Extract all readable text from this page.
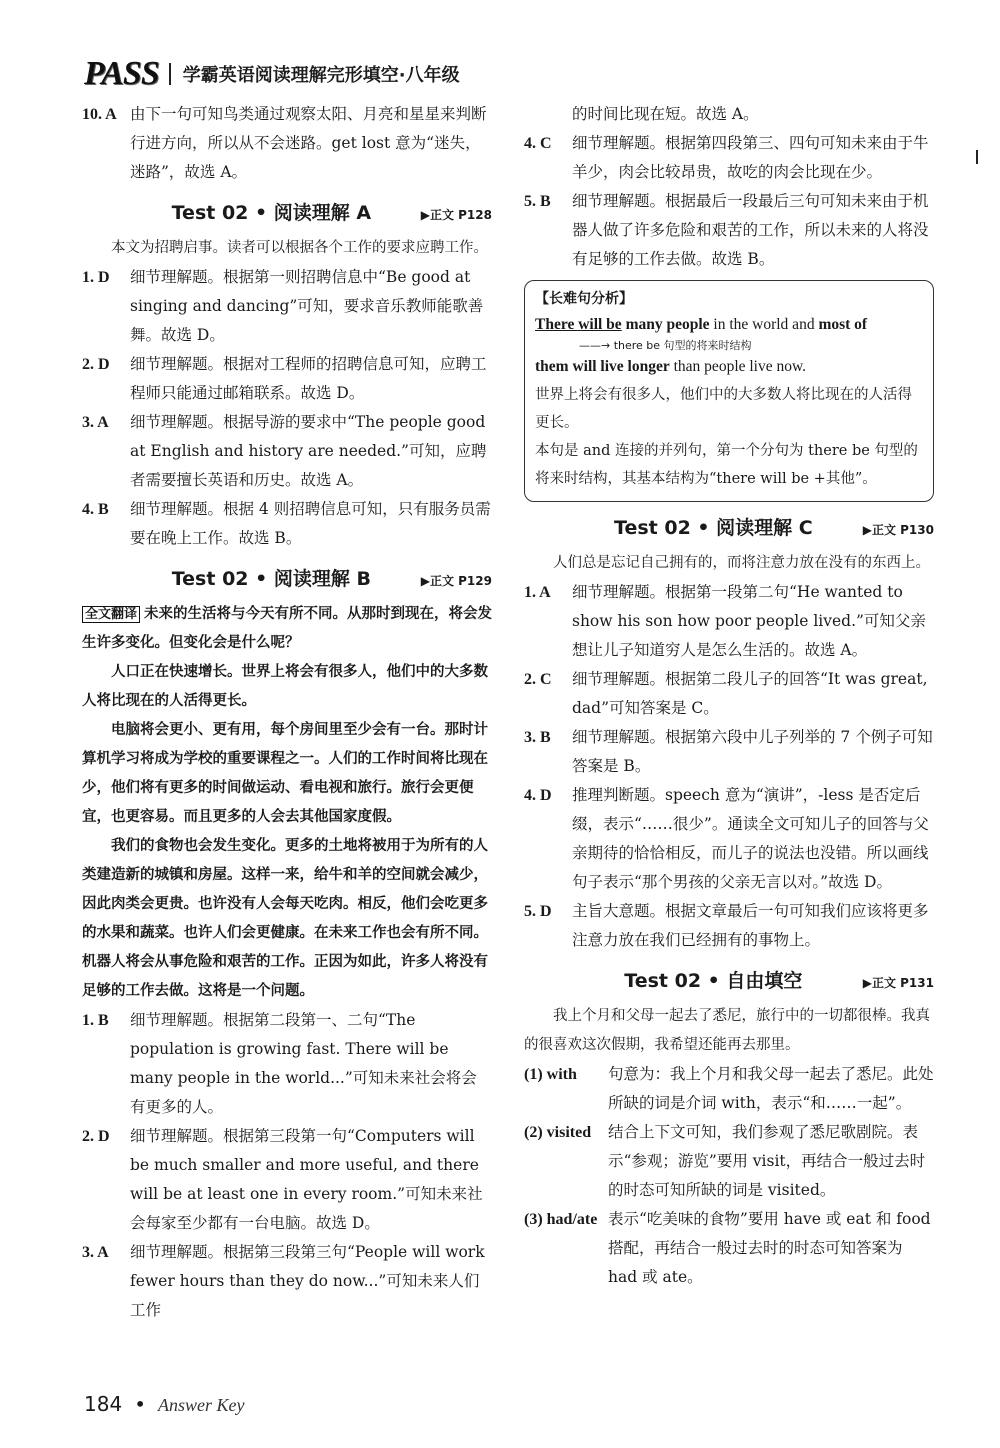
PASS 学霸英语阅读理解完形填空·八年级
10. A 由下一句可知鸟类通过观察太阳、月亮和星星来判断行进方向，所以从不会迷路。get lost 意为“迷失，迷路”，故选 A。
Test 02 • 阅读理解 A	▶正文 P128
本文为招聘启事。读者可以根据各个工作的要求应聘工作。
1. D	细节理解题。根据第一则招聘信息中“Be good at singing and dancing”可知，要求音乐教师能歌善舞。故选 D。
2. D	细节理解题。根据对工程师的招聘信息可知，应聘工程师只能通过邮箱联系。故选 D。
3. A	细节理解题。根据导游的要求中“The people good at English and history are needed.”可知，应聘者需要擅长英语和历史。故选 A。
4. B	细节理解题。根据 4 则招聘信息可知，只有服务员需要在晚上工作。故选 B。
Test 02 • 阅读理解 B	▶正文 P129

全文翻译 未来的生活将与今天有所不同。从那时到现在，将会发生许多变化。但变化会是什么呢？

人口正在快速增长。世界上将会有很多人，他们中的大多数人将比现在的人活得更长。

电脑将会更小、更有用，每个房间里至少会有一台。那时计算机学习将成为学校的重要课程之一。人们的工作时间将比现在少，他们将有更多的时间做运动、看电视和旅行。旅行会更便宜，也更容易。而且更多的人会去其他国家度假。

我们的食物也会发生变化。更多的土地将被用于为所有的人类建造新的城镇和房屋。这样一来，给牛和羊的空间就会减少，因此肉类会更贵。也许没有人会每天吃肉。相反，他们会吃更多的水果和蔬菜。也许人们会更健康。在未来工作也会有所不同。机器人将会从事危险和艰苦的工作。正因为如此，许多人将没有足够的工作去做。这将是一个问题。

1. B	细节理解题。根据第二段第一、二句“The population is growing fast. There will be many people in the world...”可知未来社会将会有更多的人。
2. D	细节理解题。根据第三段第一句“Computers will be much smaller and more useful, and there will be at least one in every room.”可知未来社会每家至少都有一台电脑。故选 D。
3. A	细节理解题。根据第三段第三句“People will work fewer hours than they do now...”可知未来人们工作
的时间比现在短。故选 A。
4. C	细节理解题。根据第四段第三、四句可知未来由于牛羊少，肉会比较昂贵，故吃的肉会比现在少。
5. B	细节理解题。根据最后一段最后三句可知未来由于机器人做了许多危险和艰苦的工作，所以未来的人将没有足够的工作去做。故选 B。
【长难句分析】
There will be many people in the world and most of
——→ there be 句型的将来时结构
them will live longer than people live now.
世界上将会有很多人，他们中的大多数人将比现在的人活得更长。
本句是 and 连接的并列句，第一个分句为 there be 句型的将来时结构，其基本结构为“there will be +其他”。
Test 02 • 阅读理解 C	▶正文 P130
人们总是忘记自己拥有的，而将注意力放在没有的东西上。
1. A	细节理解题。根据第一段第二句“He wanted to show his son how poor people lived.”可知父亲想让儿子知道穷人是怎么生活的。故选 A。
2. C	细节理解题。根据第二段儿子的回答“It was great, dad”可知答案是 C。
3. B	细节理解题。根据第六段中儿子列举的 7 个例子可知答案是 B。
4. D	推理判断题。speech 意为“演讲”，-less 是否定后缀，表示“……很少”。通读全文可知儿子的回答与父亲期待的恰恰相反，而儿子的说法也没错。所以画线句子表示“那个男孩的父亲无言以对。”故选 D。
5. D	主旨大意题。根据文章最后一句可知我们应该将更多注意力放在我们已经拥有的事物上。
Test 02 • 自由填空	▶正文 P131
我上个月和父母一起去了悉尼，旅行中的一切都很棒。我真的很喜欢这次假期，我希望还能再去那里。
(1) with	句意为：我上个月和我父母一起去了悉尼。此处所缺的词是介词 with，表示“和……一起”。
(2) visited	结合上下文可知，我们参观了悉尼歌剧院。表示“参观；游览”要用 visit，再结合一般过去时的时态可知所缺的词是 visited。
(3) had/ate 表示“吃美味的食物”要用 have 或 eat 和 food 搭配，再结合一般过去时的时态可知答案为 had 或 ate。
184 • Answer Key
